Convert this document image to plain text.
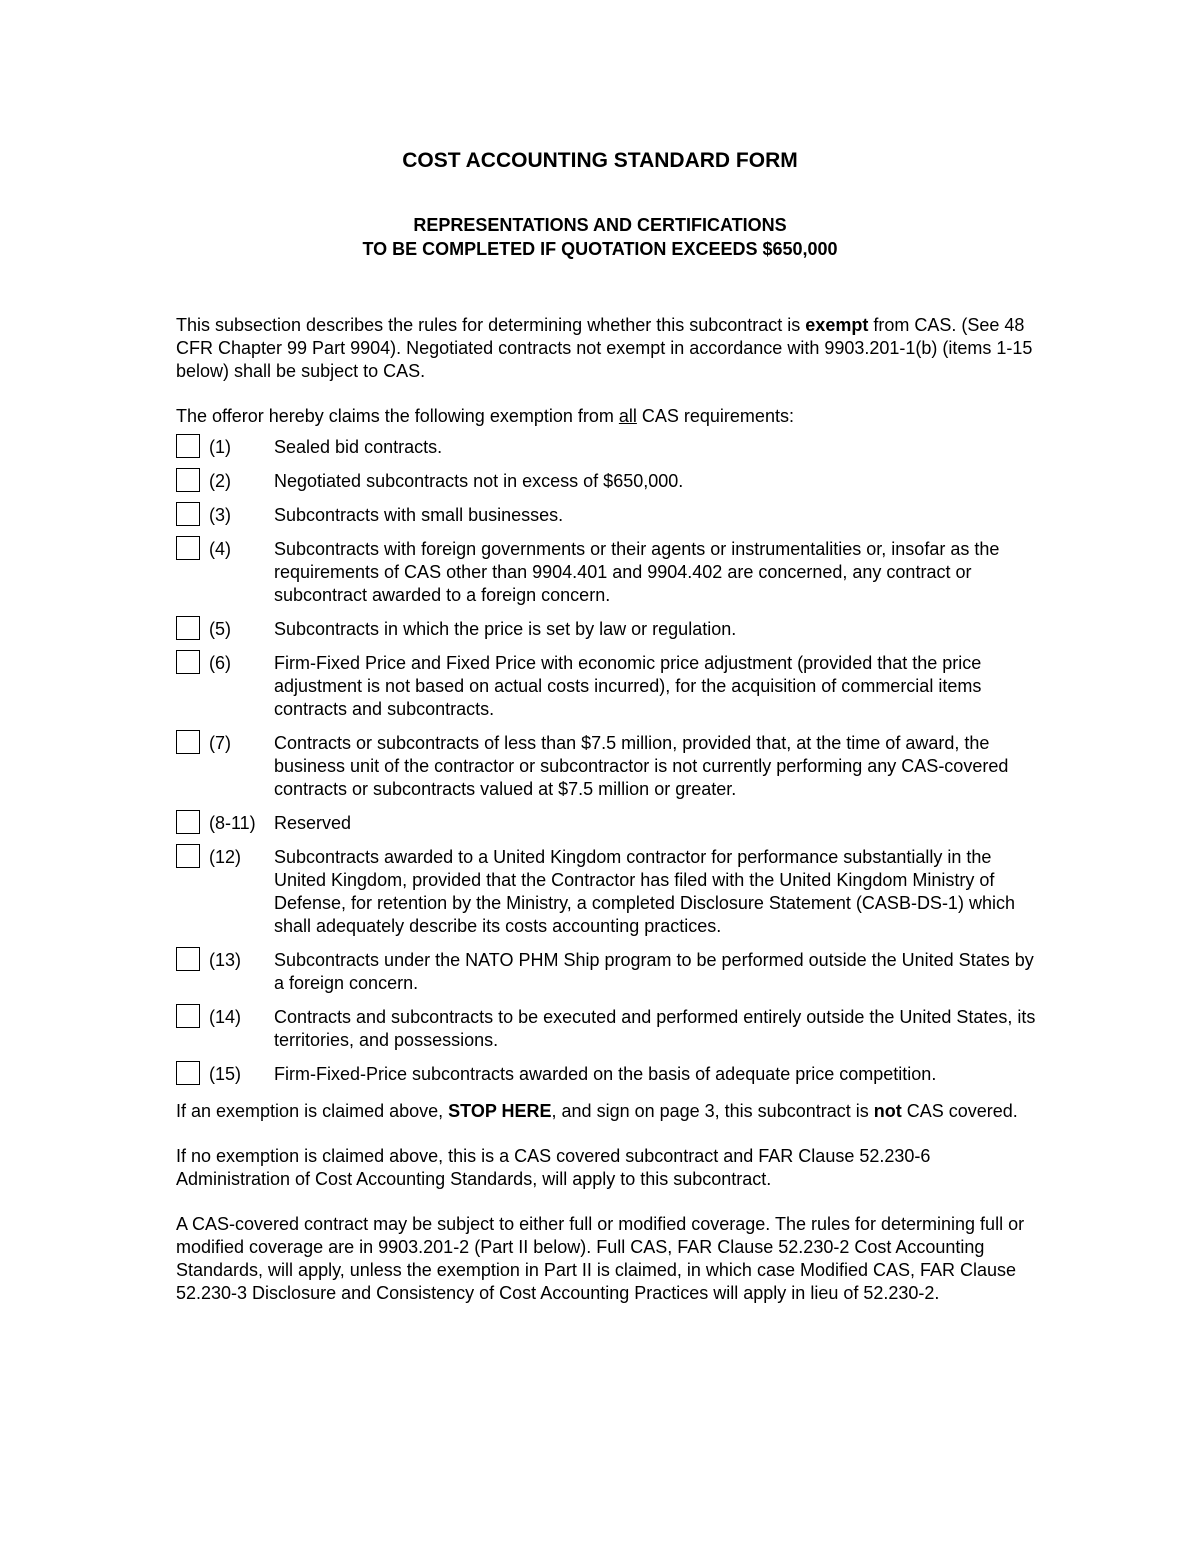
COST ACCOUNTING STANDARD FORM
REPRESENTATIONS AND CERTIFICATIONS
TO BE COMPLETED IF QUOTATION EXCEEDS $650,000

This subsection describes the rules for determining whether this subcontract is exempt from CAS. (See 48 CFR Chapter 99 Part 9904). Negotiated contracts not exempt in accordance with 9903.201-1(b) (items 1-15 below) shall be subject to CAS.

The offeror hereby claims the following exemption from all CAS requirements:

(1) Sealed bid contracts.
(2) Negotiated subcontracts not in excess of $650,000.
(3) Subcontracts with small businesses.
(4) Subcontracts with foreign governments or their agents or instrumentalities or, insofar as the requirements of CAS other than 9904.401 and 9904.402 are concerned, any contract or subcontract awarded to a foreign concern.
(5) Subcontracts in which the price is set by law or regulation.
(6) Firm-Fixed Price and Fixed Price with economic price adjustment (provided that the price adjustment is not based on actual costs incurred), for the acquisition of commercial items contracts and subcontracts.
(7) Contracts or subcontracts of less than $7.5 million, provided that, at the time of award, the business unit of the contractor or subcontractor is not currently performing any CAS-covered contracts or subcontracts valued at $7.5 million or greater.
(8-11) Reserved
(12) Subcontracts awarded to a United Kingdom contractor for performance substantially in the United Kingdom, provided that the Contractor has filed with the United Kingdom Ministry of Defense, for retention by the Ministry, a completed Disclosure Statement (CASB-DS-1) which shall adequately describe its costs accounting practices.
(13) Subcontracts under the NATO PHM Ship program to be performed outside the United States by a foreign concern.
(14) Contracts and subcontracts to be executed and performed entirely outside the United States, its territories, and possessions.
(15) Firm-Fixed-Price subcontracts awarded on the basis of adequate price competition.

If an exemption is claimed above, STOP HERE, and sign on page 3, this subcontract is not CAS covered.

If no exemption is claimed above, this is a CAS covered subcontract and FAR Clause 52.230-6 Administration of Cost Accounting Standards, will apply to this subcontract.

A CAS-covered contract may be subject to either full or modified coverage. The rules for determining full or modified coverage are in 9903.201-2 (Part II below). Full CAS, FAR Clause 52.230-2 Cost Accounting Standards, will apply, unless the exemption in Part II is claimed, in which case Modified CAS, FAR Clause 52.230-3 Disclosure and Consistency of Cost Accounting Practices will apply in lieu of 52.230-2.
